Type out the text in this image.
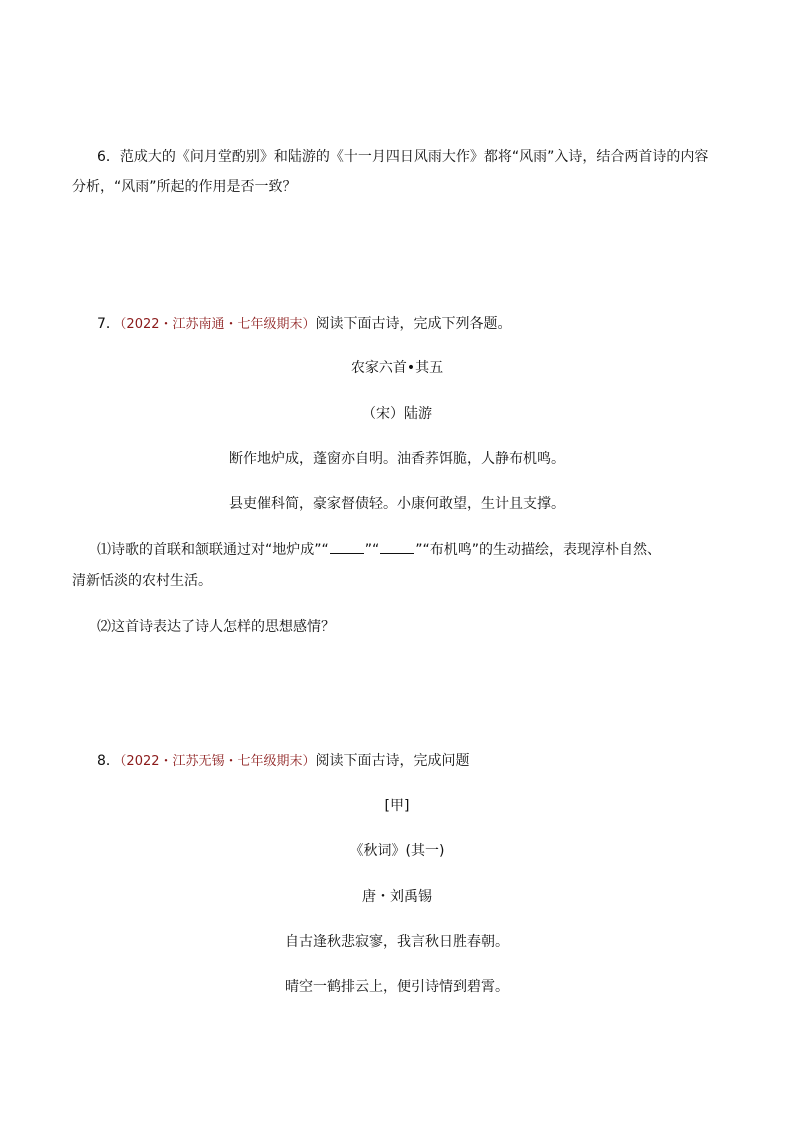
6．范成大的《问月堂酌别》和陆游的《十一月四日风雨大作》都将“风雨”入诗，结合两首诗的内容
分析，“风雨”所起的作用是否一致？
7．（2022・江苏南通・七年级期末）阅读下面古诗，完成下列各题。
农家六首•其五
（宋）陆游
断作地炉成，蓬窗亦自明。油香荞饵脆，人静布机鸣。
县吏催科简，豪家督债轻。小康何敢望，生计且支撑。
⑴诗歌的首联和颔联通过对“地炉成”“	”“	”“布机鸣”的生动描绘，表现淳朴自然、
清新恬淡的农村生活。
⑵这首诗表达了诗人怎样的思想感情？
8．（2022・江苏无锡・七年级期末）阅读下面古诗，完成问题
[甲]
《秋词》(其一)
唐・刘禹锡
自古逢秋悲寂寥，我言秋日胜春朝。
晴空一鹤排云上，便引诗情到碧霄。
